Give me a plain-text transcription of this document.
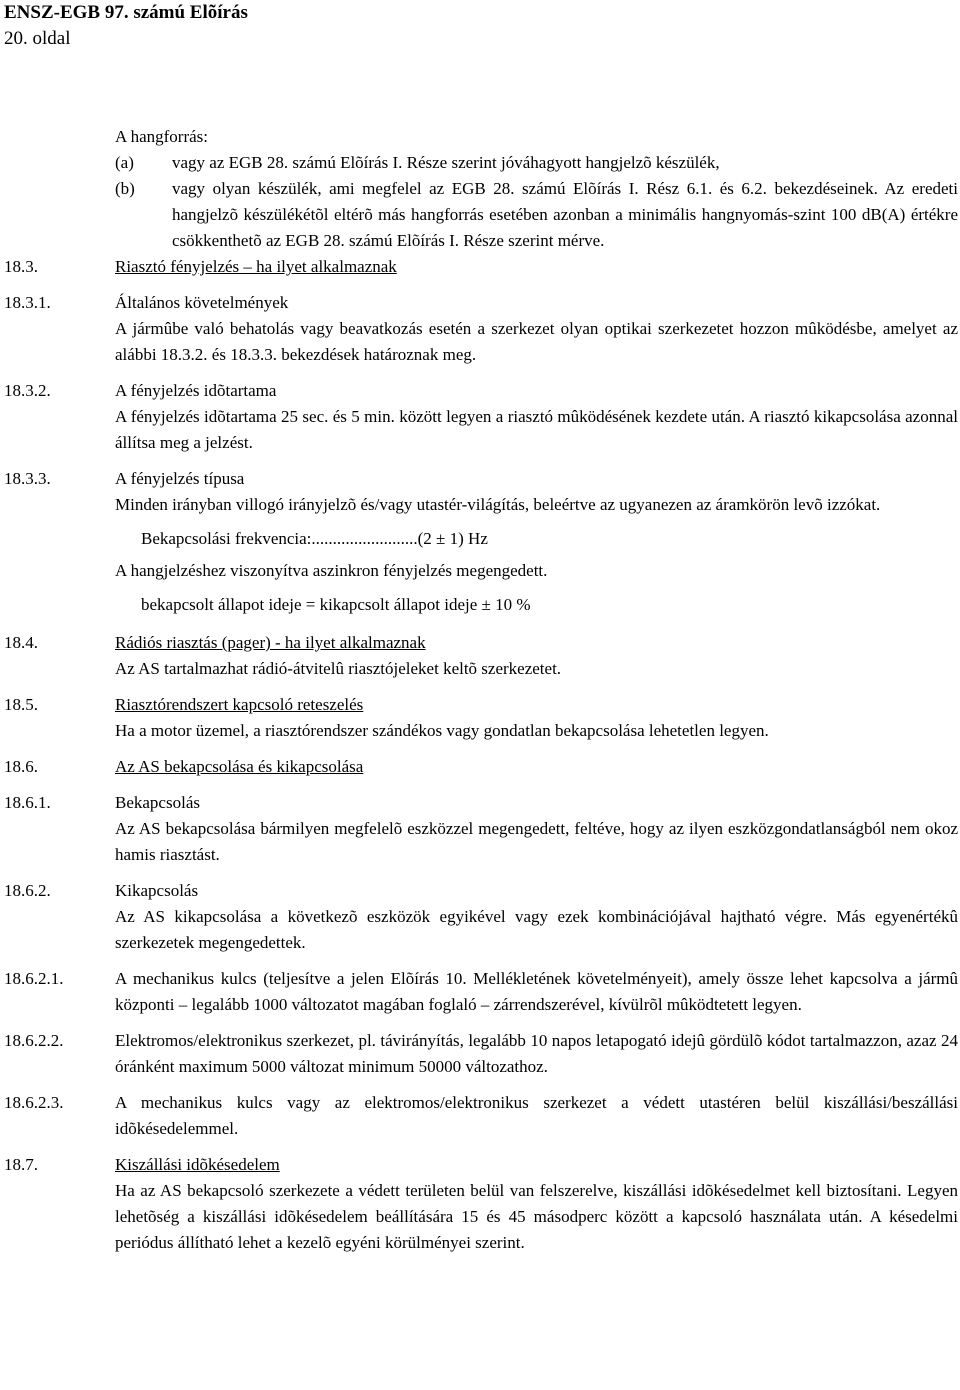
ENSZ-EGB 97. számú Elõírás
20. oldal
A hangforrás:
(a) vagy az EGB 28. számú Elõírás I. Része szerint jóváhagyott hangjelzõ készülék,
(b) vagy olyan készülék, ami megfelel az EGB 28. számú Elõírás I. Rész 6.1. és 6.2. bekezdéseinek. Az eredeti hangjelzõ készülékétõl eltérõ más hangforrás esetében azonban a minimális hangnyomás-szint 100 dB(A) értékre csökkenthetõ az EGB 28. számú Elõírás I. Része szerint mérve.
18.3.	Riasztó fényjelzés – ha ilyet alkalmaznak
18.3.1.	Általános követelmények
A jármûbe való behatolás vagy beavatkozás esetén a szerkezet olyan optikai szerkezetet hozzon mûködésbe, amelyet az alábbi 18.3.2. és 18.3.3. bekezdések határoznak meg.
18.3.2.	A fényjelzés idõtartama
A fényjelzés idõtartama 25 sec. és 5 min. között legyen a riasztó mûködésének kezdete után. A riasztó kikapcsolása azonnal állítsa meg a jelzést.
18.3.3.	A fényjelzés típusa
Minden irányban villogó irányjelzõ és/vagy utastér-világítás, beleértve az ugyanezen az áramkörön levõ izzókat.
Bekapcsolási frekvencia:.........................(2 ± 1) Hz
A hangjelzéshez viszonyítva aszinkron fényjelzés megengedett.
bekapcsolt állapot ideje = kikapcsolt állapot ideje ± 10 %
18.4.	Rádiós riasztás (pager) - ha ilyet alkalmaznak
Az AS tartalmazhat rádió-átvitelû riasztójeleket keltõ szerkezetet.
18.5.	Riasztórendszert kapcsoló reteszelés
Ha a motor üzemel, a riasztórendszer szándékos vagy gondatlan bekapcsolása lehetetlen legyen.
18.6.	Az AS bekapcsolása és kikapcsolása
18.6.1.	Bekapcsolás
Az AS bekapcsolása bármilyen megfelelõ eszközzel megengedett, feltéve, hogy az ilyen eszközgondatlanságból nem okoz hamis riasztást.
18.6.2.	Kikapcsolás
Az AS kikapcsolása a következõ eszközök egyikével vagy ezek kombinációjával hajtható végre. Más egyenértékû szerkezetek megengedettek.
18.6.2.1.	A mechanikus kulcs (teljesítve a jelen Elõírás 10. Mellékletének követelményeit), amely össze lehet kapcsolva a jármû központi – legalább 1000 változatot magában foglaló – zárrendszerével, kívülrõl mûködtetett legyen.
18.6.2.2.	Elektromos/elektronikus szerkezet, pl. távirányítás, legalább 10 napos letapogató idejû gördülõ kódot tartalmazzon, azaz 24 óránként maximum 5000 változat minimum 50000 változathoz.
18.6.2.3.	A mechanikus kulcs vagy az elektromos/elektronikus szerkezet a védett utastéren belül kiszállási/beszállási idõkésedelemmel.
18.7.	Kiszállási idõkésedelem
Ha az AS bekapcsoló szerkezete a védett területen belül van felszerelve, kiszállási idõkésedelmet kell biztosítani. Legyen lehetõség a kiszállási idõkésedelem beállítására 15 és 45 másodperc között a kapcsoló használata után. A késedelmi periódus állítható lehet a kezelõ egyéni körülményei szerint.
